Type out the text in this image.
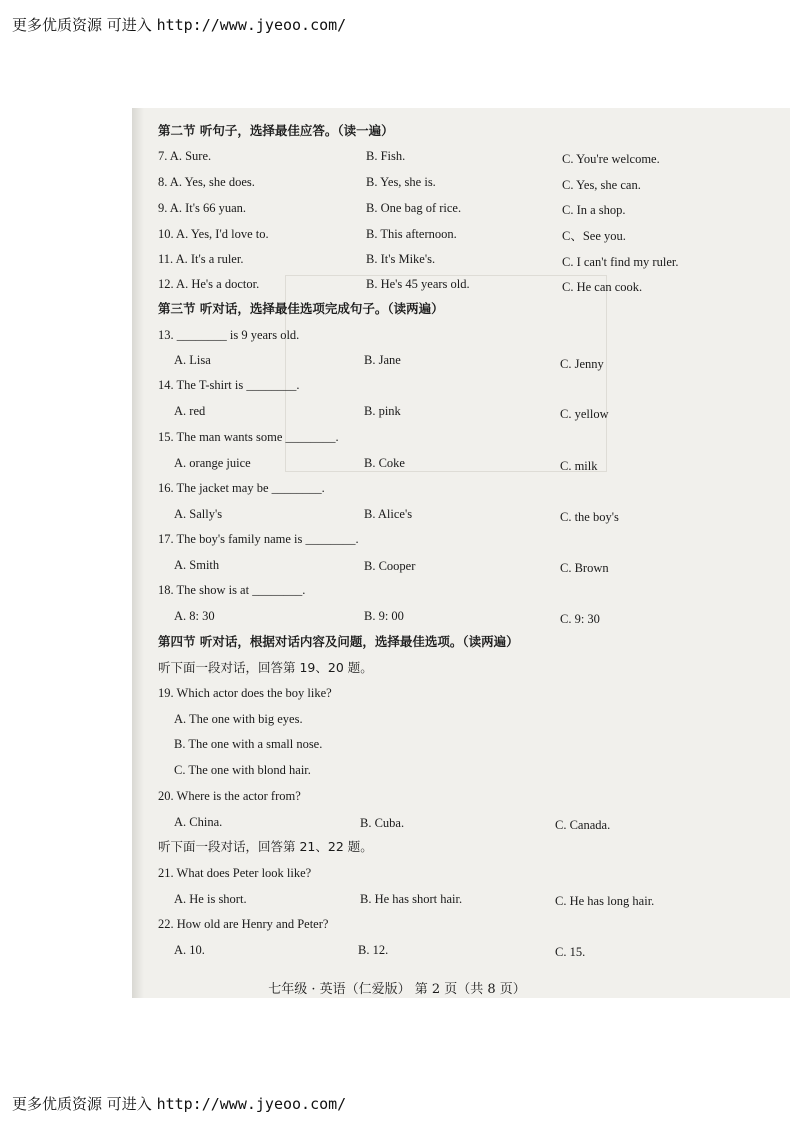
更多优质资源 可进入 http://www.jyeoo.com/
第二节 听句子，选择最佳应答。（读一遍）
7. A. Sure.	B. Fish.	C. You're welcome.
8. A. Yes, she does.	B. Yes, she is.	C. Yes, she can.
9. A. It's 66 yuan.	B. One bag of rice.	C. In a shop.
10. A. Yes, I'd love to.	B. This afternoon.	C、See you.
11. A. It's a ruler.	B. It's Mike's.	C. I can't find my ruler.
12. A. He's a doctor.	B. He's 45 years old.	C. He can cook.
第三节 听对话，选择最佳选项完成句子。（读两遍）
13. ________ is 9 years old.
A. Lisa	B. Jane	C. Jenny
14. The T-shirt is ________.
A. red	B. pink	C. yellow
15. The man wants some ________.
A. orange juice	B. Coke	C. milk
16. The jacket may be ________.
A. Sally's	B. Alice's	C. the boy's
17. The boy's family name is ________.
A. Smith	B. Cooper	C. Brown
18. The show is at ________.
A. 8: 30	B. 9: 00	C. 9: 30
第四节 听对话，根据对话内容及问题，选择最佳选项。（读两遍）
听下面一段对话，回答第 19、20 题。
19. Which actor does the boy like?
A. The one with big eyes.
B. The one with a small nose.
C. The one with blond hair.
20. Where is the actor from?
A. China.	B. Cuba.	C. Canada.
听下面一段对话，回答第 21、22 题。
21. What does Peter look like?
A. He is short.	B. He has short hair.	C. He has long hair.
22. How old are Henry and Peter?
A. 10.	B. 12.	C. 15.
七年级 · 英语（仁爱版） 第 2 页（共 8 页）
更多优质资源 可进入 http://www.jyeoo.com/
